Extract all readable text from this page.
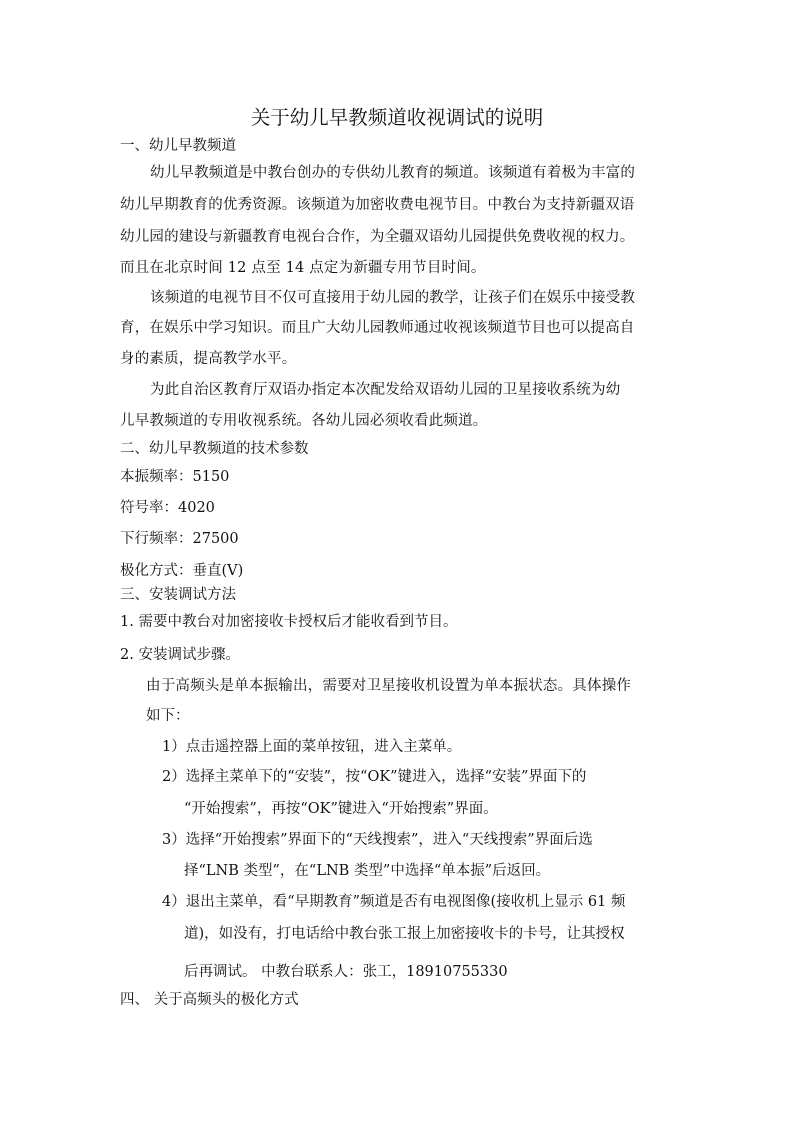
关于幼儿早教频道收视调试的说明
一、幼儿早教频道
幼儿早教频道是中教台创办的专供幼儿教育的频道。该频道有着极为丰富的
幼儿早期教育的优秀资源。该频道为加密收费电视节目。中教台为支持新疆双语
幼儿园的建设与新疆教育电视台合作，为全疆双语幼儿园提供免费收视的权力。
而且在北京时间 12 点至 14 点定为新疆专用节目时间。
该频道的电视节目不仅可直接用于幼儿园的教学，让孩子们在娱乐中接受教
育，在娱乐中学习知识。而且广大幼儿园教师通过收视该频道节目也可以提高自
身的素质，提高教学水平。
为此自治区教育厅双语办指定本次配发给双语幼儿园的卫星接收系统为幼
儿早教频道的专用收视系统。各幼儿园必须收看此频道。
二、幼儿早教频道的技术参数
本振频率：5150
符号率：4020
下行频率：27500
极化方式：垂直(V)
三、安装调试方法
1. 需要中教台对加密接收卡授权后才能收看到节目。
2. 安装调试步骤。
由于高频头是单本振输出，需要对卫星接收机设置为单本振状态。具体操作
如下：
1）点击遥控器上面的菜单按钮，进入主菜单。
2）选择主菜单下的“安装”，按“OK”键进入，选择“安装”界面下的
“开始搜索”，再按“OK”键进入“开始搜索”界面。
3）选择“开始搜索”界面下的“天线搜索”，进入“天线搜索”界面后选
择“LNB 类型”，在“LNB 类型”中选择“单本振”后返回。
4）退出主菜单，看“早期教育”频道是否有电视图像(接收机上显示 61 频
道)，如没有，打电话给中教台张工报上加密接收卡的卡号，让其授权
后再调试。 中教台联系人：张工，18910755330
四、 关于高频头的极化方式
